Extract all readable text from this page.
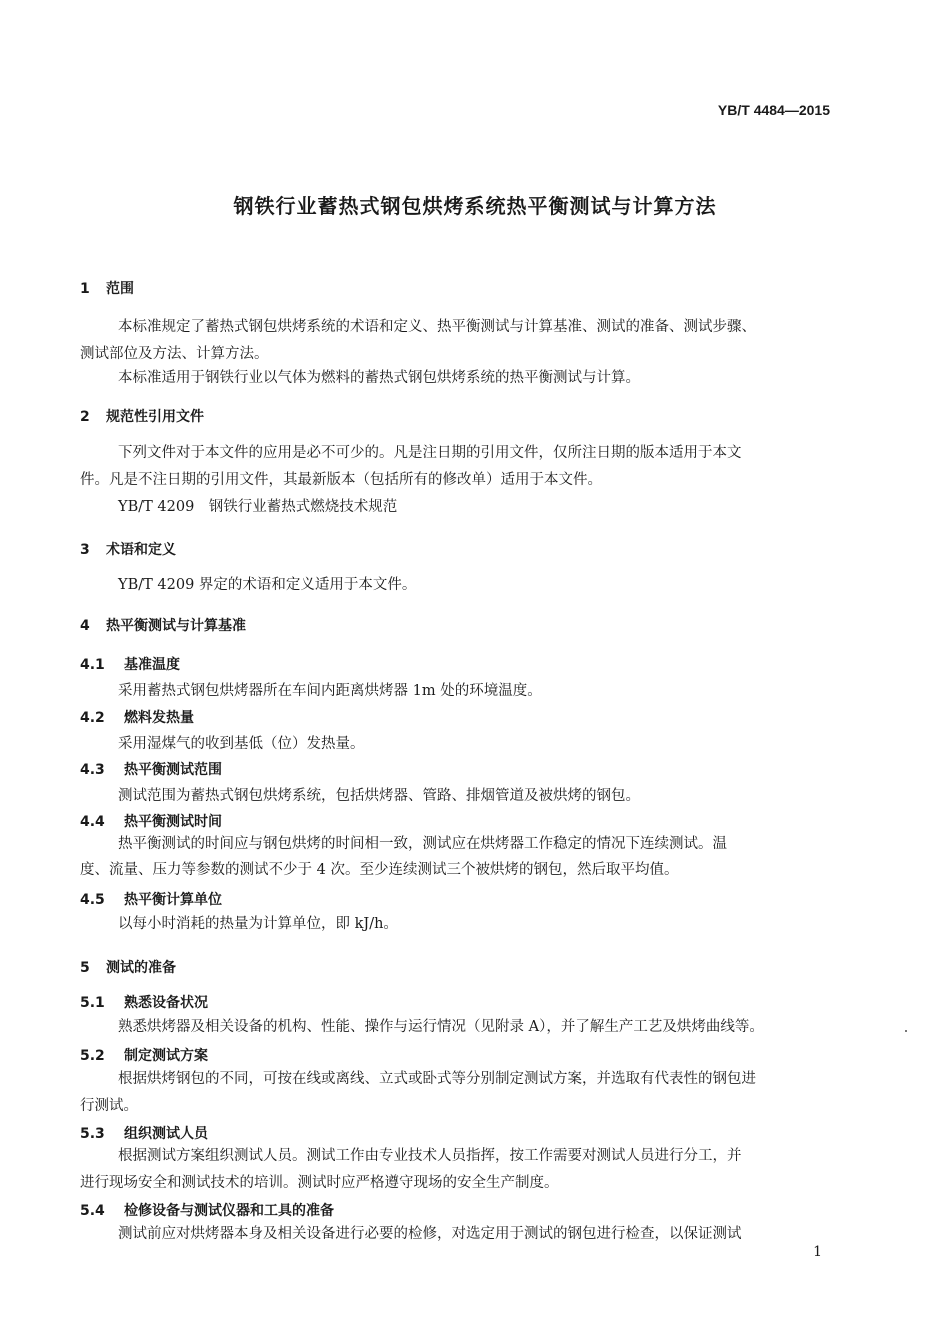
YB/T 4484—2015
钢铁行业蓄热式钢包烘烤系统热平衡测试与计算方法
1 范围
本标准规定了蓄热式钢包烘烤系统的术语和定义、热平衡测试与计算基准、测试的准备、测试步骤、
测试部位及方法、计算方法。
本标准适用于钢铁行业以气体为燃料的蓄热式钢包烘烤系统的热平衡测试与计算。
2 规范性引用文件
下列文件对于本文件的应用是必不可少的。凡是注日期的引用文件，仅所注日期的版本适用于本文
件。凡是不注日期的引用文件，其最新版本（包括所有的修改单）适用于本文件。
YB/T 4209　钢铁行业蓄热式燃烧技术规范
3 术语和定义
YB/T 4209 界定的术语和定义适用于本文件。
4 热平衡测试与计算基准
4.1 基准温度
采用蓄热式钢包烘烤器所在车间内距离烘烤器 1m 处的环境温度。
4.2 燃料发热量
采用湿煤气的收到基低（位）发热量。
4.3 热平衡测试范围
测试范围为蓄热式钢包烘烤系统，包括烘烤器、管路、排烟管道及被烘烤的钢包。
4.4 热平衡测试时间
热平衡测试的时间应与钢包烘烤的时间相一致，测试应在烘烤器工作稳定的情况下连续测试。温
度、流量、压力等参数的测试不少于 4 次。至少连续测试三个被烘烤的钢包，然后取平均值。
4.5 热平衡计算单位
以每小时消耗的热量为计算单位，即 kJ/h。
5 测试的准备
5.1 熟悉设备状况
熟悉烘烤器及相关设备的机构、性能、操作与运行情况（见附录 A），并了解生产工艺及烘烤曲线等。
5.2 制定测试方案
根据烘烤钢包的不同，可按在线或离线、立式或卧式等分别制定测试方案，并选取有代表性的钢包进
行测试。
5.3 组织测试人员
根据测试方案组织测试人员。测试工作由专业技术人员指挥，按工作需要对测试人员进行分工，并
进行现场安全和测试技术的培训。测试时应严格遵守现场的安全生产制度。
5.4 检修设备与测试仪器和工具的准备
测试前应对烘烤器本身及相关设备进行必要的检修，对选定用于测试的钢包进行检查，以保证测试
1
